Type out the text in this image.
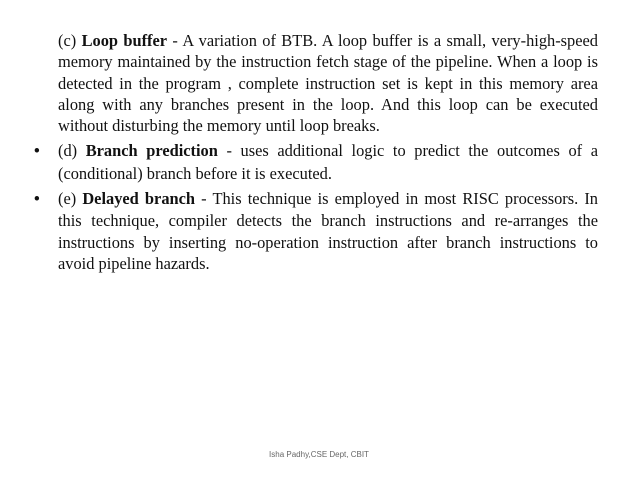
(c) Loop buffer - A variation of BTB. A loop buffer is a small, very-high-speed memory maintained by the instruction fetch stage of the pipeline. When a loop is detected in the program , complete instruction set is kept in this memory area along with any branches present in the loop. And this loop can be executed without disturbing the memory until loop breaks.

• (d) Branch prediction - uses additional logic to predict the outcomes of a (conditional) branch before it is executed.

• (e) Delayed branch - This technique is employed in most RISC processors. In this technique, compiler detects the branch instructions and re-arranges the instructions by inserting no-operation instruction after branch instructions to avoid pipeline hazards.

Isha Padhy,CSE Dept, CBIT
